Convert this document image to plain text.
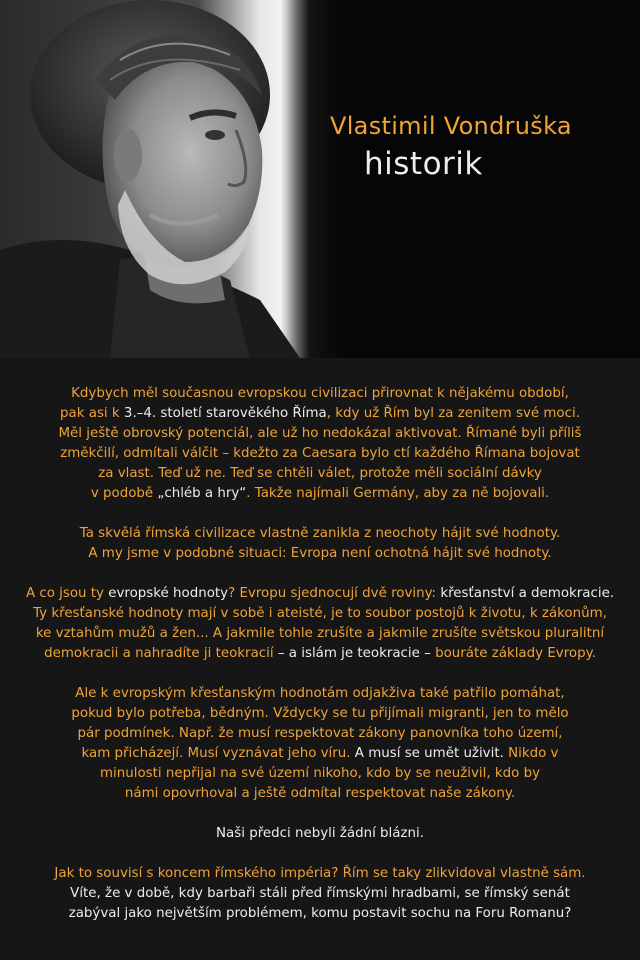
Vlastimil Vondruška
historik
Kdybych měl současnou evropskou civilizaci přirovnat k nějakému období,
pak asi k 3.–4. století starověkého Říma, kdy už Řím byl za zenitem své moci.
Měl ještě obrovský potenciál, ale už ho nedokázal aktivovat. Římané byli příliš
změkčilí, odmítali válčit – kdežto za Caesara bylo ctí každého Římana bojovat
za vlast. Teď už ne. Teď se chtěli válet, protože měli sociální dávky
v podobě „chléb a hry“. Takže najímali Germány, aby za ně bojovali.
Ta skvělá římská civilizace vlastně zanikla z neochoty hájit své hodnoty.
A my jsme v podobné situaci: Evropa není ochotná hájit své hodnoty.
A co jsou ty evropské hodnoty? Evropu sjednocují dvě roviny: křesťanství a demokracie.
Ty křesťanské hodnoty mají v sobě i ateisté, je to soubor postojů k životu, k zákonům,
ke vztahům mužů a žen... A jakmile tohle zrušíte a jakmile zrušíte světskou pluralitní
demokracii a nahradíte ji teokracií – a islám je teokracie – bouráte základy Evropy.
Ale k evropským křesťanským hodnotám odjakživa také patřilo pomáhat,
pokud bylo potřeba, bědným. Vždycky se tu přijímali migranti, jen to mělo
pár podmínek. Např. že musí respektovat zákony panovníka toho území,
kam přicházejí. Musí vyznávat jeho víru. A musí se umět uživit. Nikdo v
minulosti nepřijal na své území nikoho, kdo by se neuživil, kdo by
námi opovrhoval a ještě odmítal respektovat naše zákony.
Naši předci nebyli žádní blázni.
Jak to souvisí s koncem římského impéria? Řím se taky zlikvidoval vlastně sám.
Víte, že v době, kdy barbaři stáli před římskými hradbami, se římský senát
zabýval jako největším problémem, komu postavit sochu na Foru Romanu?
